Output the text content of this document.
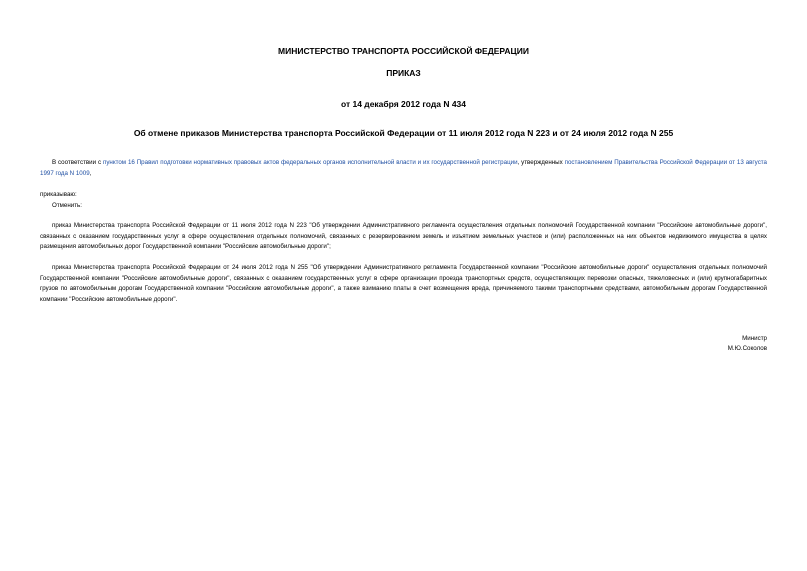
МИНИСТЕРСТВО ТРАНСПОРТА РОССИЙСКОЙ ФЕДЕРАЦИИ
ПРИКАЗ
от 14 декабря 2012 года N 434
Об отмене приказов Министерства транспорта Российской Федерации от 11 июля 2012 года N 223 и от 24 июля 2012 года N 255
В соответствии с пунктом 16 Правил подготовки нормативных правовых актов федеральных органов исполнительной власти и их государственной регистрации, утвержденных постановлением Правительства Российской Федерации от 13 августа 1997 года N 1009,
приказываю:
Отменить:
приказ Министерства транспорта Российской Федерации от 11 июля 2012 года N 223 "Об утверждении Административного регламента осуществления отдельных полномочий Государственной компании "Российские автомобильные дороги", связанных с оказанием государственных услуг в сфере осуществления отдельных полномочий, связанных с резервированием земель и изъятием земельных участков и (или) расположенных на них объектов недвижимого имущества в целях размещения автомобильных дорог Государственной компании "Российские автомобильные дороги";
приказ Министерства транспорта Российской Федерации от 24 июля 2012 года N 255 "Об утверждении Административного регламента Государственной компании "Российские автомобильные дороги" осуществления отдельных полномочий Государственной компании "Российские автомобильные дороги", связанных с оказанием государственных услуг в сфере организации проезда транспортных средств, осуществляющих перевозки опасных, тяжеловесных и (или) крупногабаритных грузов по автомобильным дорогам Государственной компании "Российские автомобильные дороги", а также взиманию платы в счет возмещения вреда, причиняемого такими транспортными средствами, автомобильным дорогам Государственной компании "Российские автомобильные дороги".
Министр
М.Ю.Соколов
